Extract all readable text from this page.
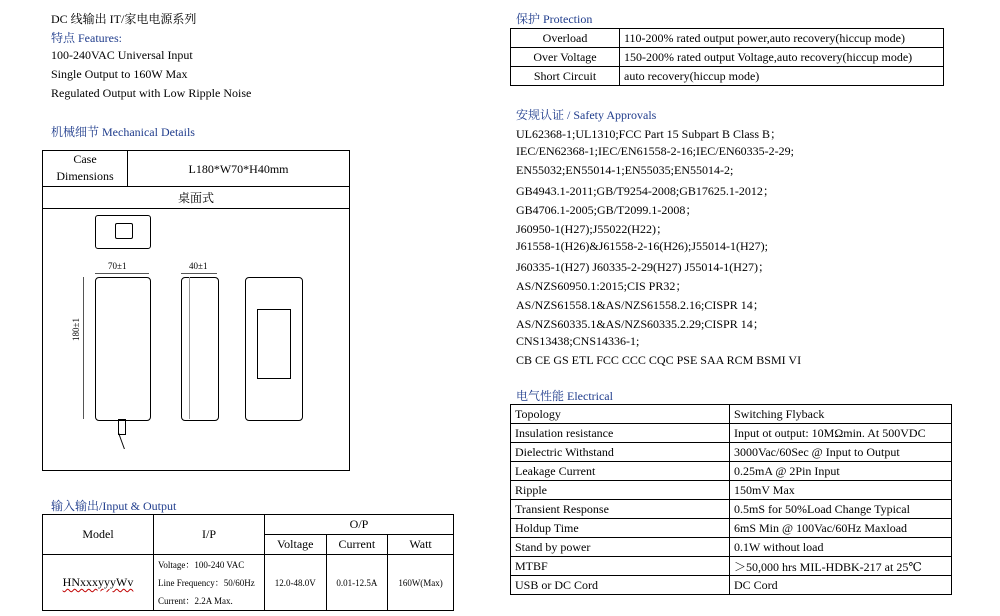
DC 线输出 IT/家电电源系列
特点 Features:
100-240VAC Universal Input
Single Output to 160W Max
Regulated Output with Low Ripple Noise
机械细节 Mechanical Details
Case
Dimensions	L180*W70*H40mm
桌面式
70±1
180±1
40±1
输入输出/Input & Output
Model	I/P	O/P		
		Voltage	Current	Watt
HNxxxyyyWv	Voltage：100-240 VAC
Line Frequency：50/60Hz
Current：2.2A Max.	12.0-48.0V	0.01-12.5A	160W(Max)
保护 Protection
Overload	110-200% rated output power,auto recovery(hiccup mode)
Over Voltage	150-200% rated output Voltage,auto recovery(hiccup mode)
Short Circuit	auto recovery(hiccup mode)
安规认证 / Safety Approvals
UL62368-1;UL1310;FCC Part 15 Subpart B Class B；
IEC/EN62368-1;IEC/EN61558-2-16;IEC/EN60335-2-29;
EN55032;EN55014-1;EN55035;EN55014-2;
GB4943.1-2011;GB/T9254-2008;GB17625.1-2012；
GB4706.1-2005;GB/T2099.1-2008；
J60950-1(H27);J55022(H22)；
J61558-1(H26)&J61558-2-16(H26);J55014-1(H27);
J60335-1(H27) J60335-2-29(H27) J55014-1(H27)；
AS/NZS60950.1:2015;CIS PR32；
AS/NZS61558.1&AS/NZS61558.2.16;CISPR 14；
AS/NZS60335.1&AS/NZS60335.2.29;CISPR 14；
CNS13438;CNS14336-1;
CB CE GS ETL FCC CCC CQC PSE SAA RCM BSMI VI
电气性能 Electrical
Topology	Switching Flyback
Insulation resistance	Input ot output: 10MΩmin. At 500VDC
Dielectric Withstand	3000Vac/60Sec @ Input to Output
Leakage Current	0.25mA @ 2Pin Input
Ripple	150mV Max
Transient Response	0.5mS for 50%Load Change Typical
Holdup Time	6mS Min @ 100Vac/60Hz Maxload
Stand by power	0.1W without load
MTBF	＞50,000 hrs MIL-HDBK-217 at 25℃
USB or DC Cord	DC Cord
